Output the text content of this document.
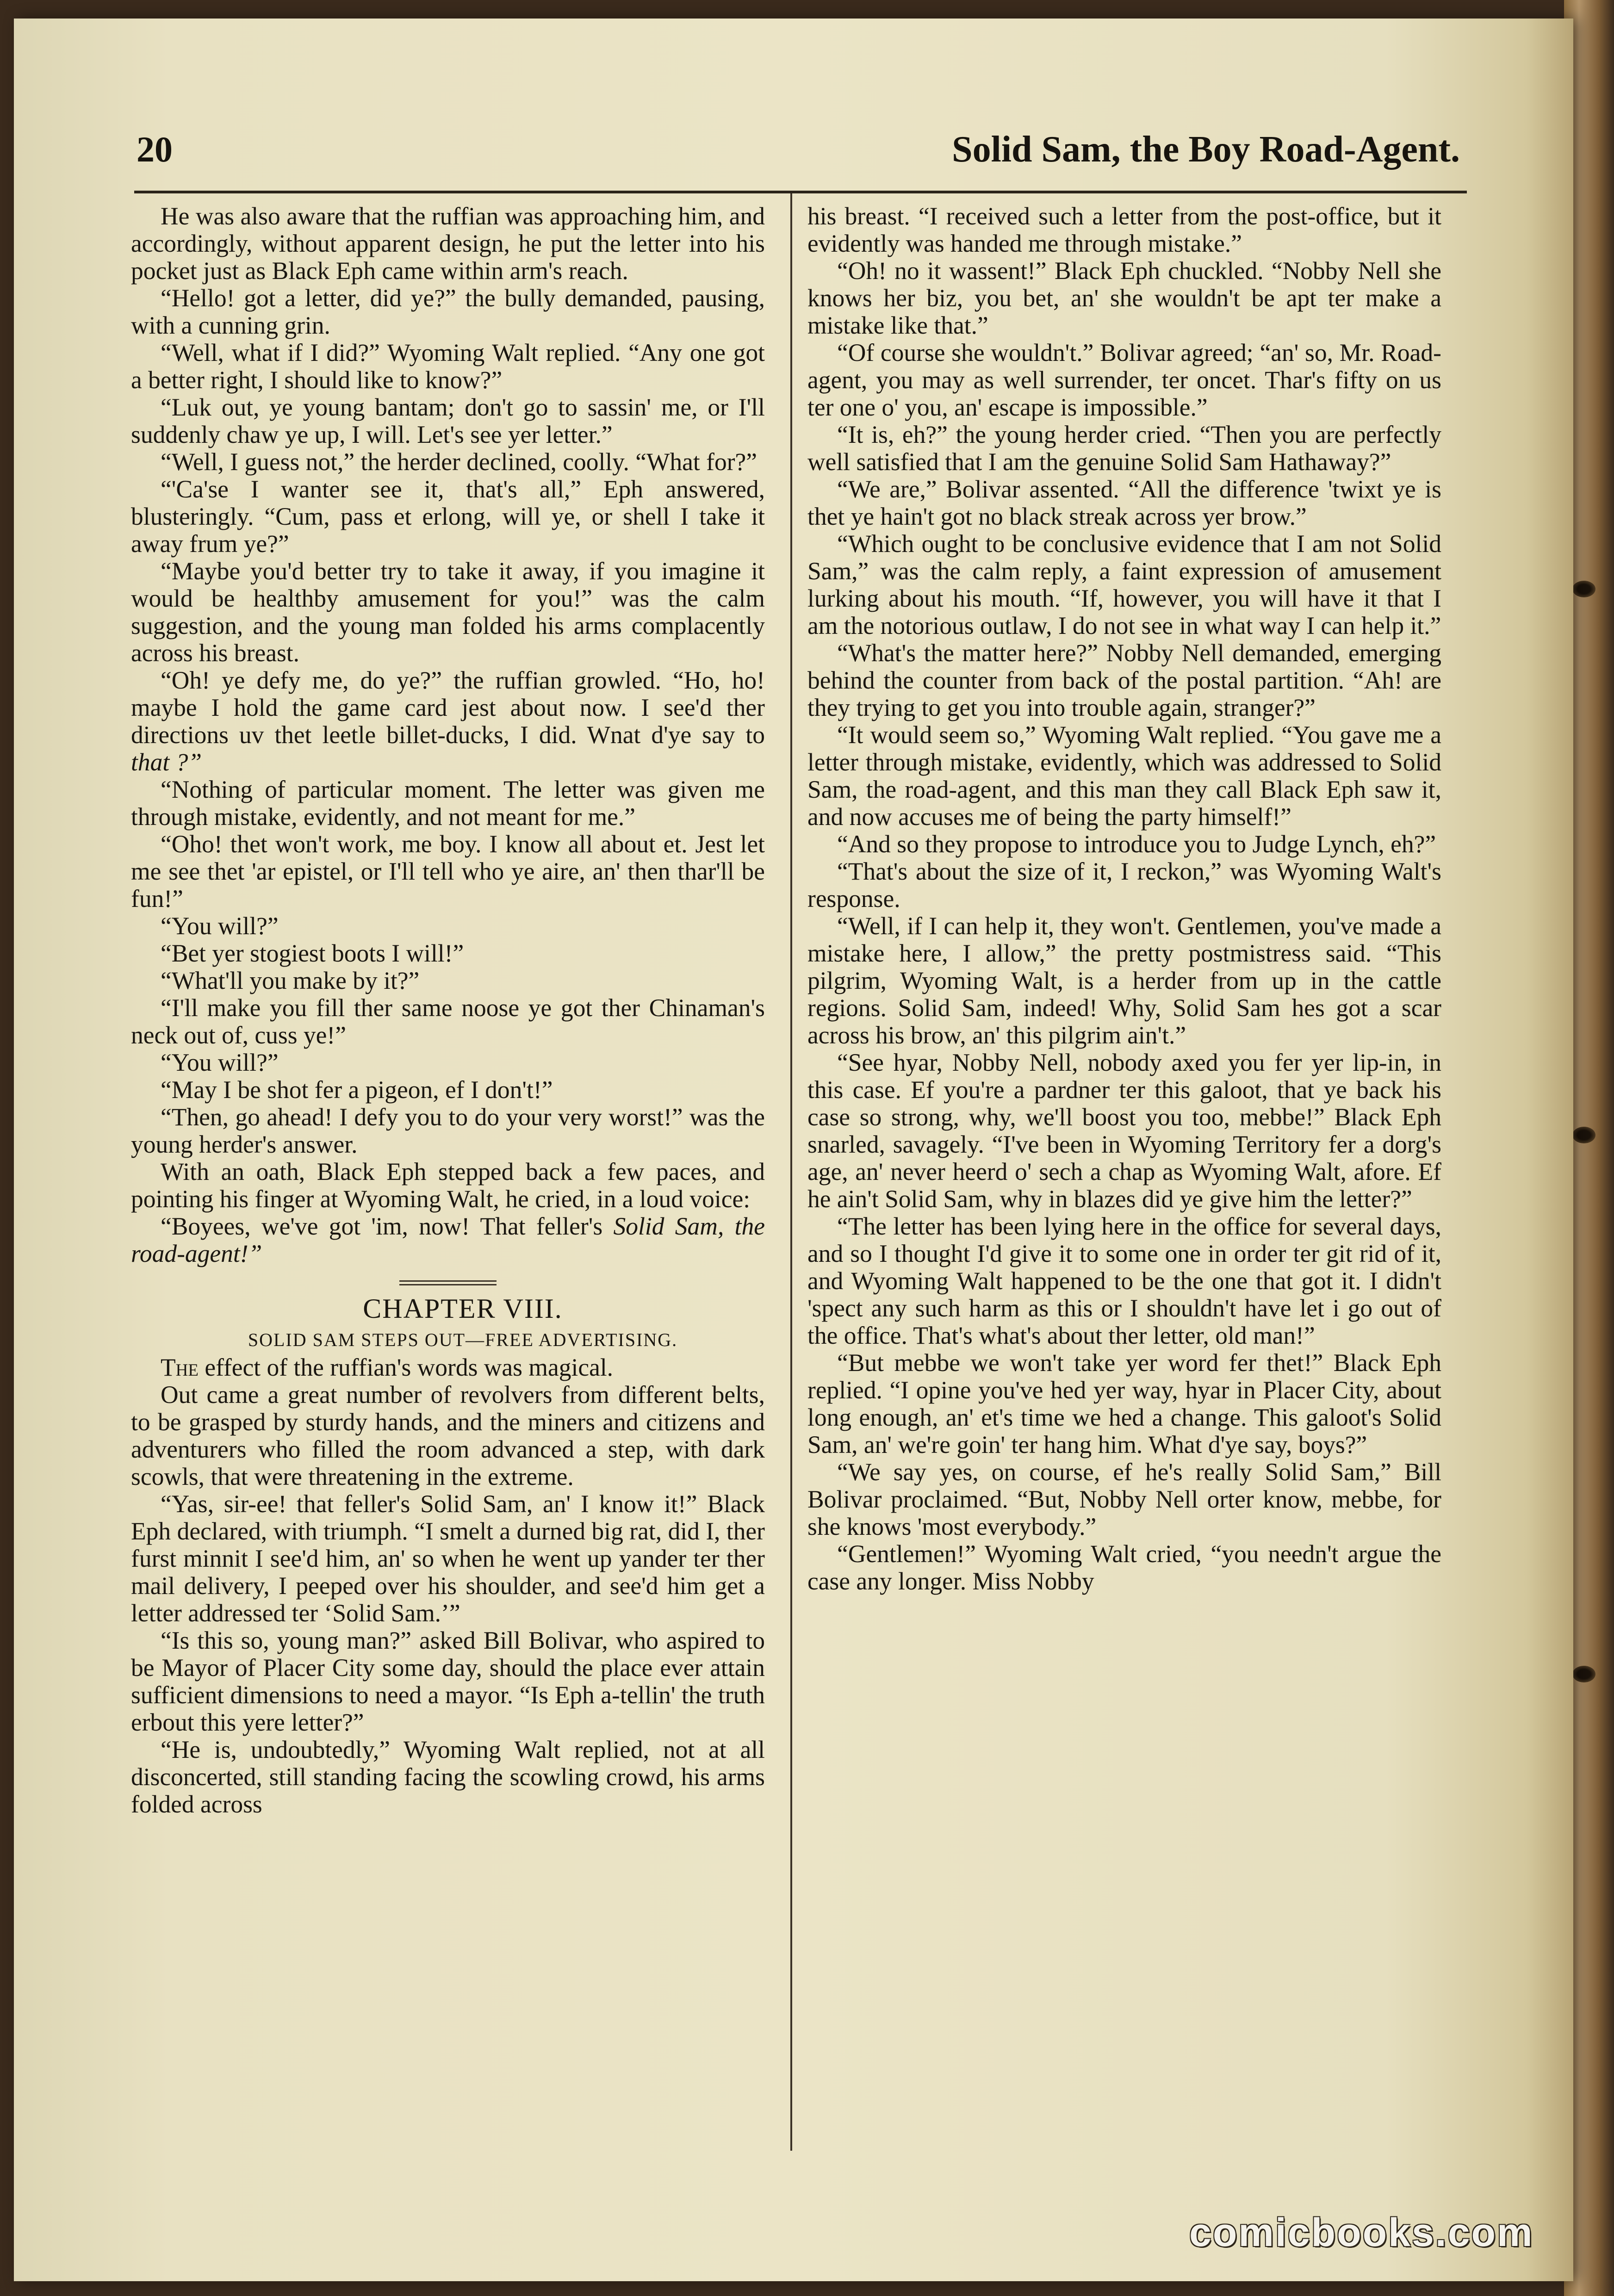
20	Solid Sam, the Boy Road-Agent.

He was also aware that the ruffian was approaching him, and accordingly, without apparent design, he put the letter into his pocket just as Black Eph came within arm's reach.

“Hello! got a letter, did ye?” the bully demanded, pausing, with a cunning grin.

“Well, what if I did?” Wyoming Walt replied. “Any one got a better right, I should like to know?”

“Luk out, ye young bantam; don't go to sassin' me, or I'll suddenly chaw ye up, I will. Let's see yer letter.”

“Well, I guess not,” the herder declined, coolly. “What for?”

“'Ca'se I wanter see it, that's all,” Eph answered, blusteringly. “Cum, pass et erlong, will ye, or shell I take it away frum ye?”

“Maybe you'd better try to take it away, if you imagine it would be healthby amusement for you!” was the calm suggestion, and the young man folded his arms complacently across his breast.

“Oh! ye defy me, do ye?” the ruffian growled. “Ho, ho! maybe I hold the game card jest about now. I see'd ther directions uv thet leetle billet-ducks, I did. Wnat d'ye say to that ?”

“Nothing of particular moment. The letter was given me through mistake, evidently, and not meant for me.”

“Oho! thet won't work, me boy. I know all about et. Jest let me see thet 'ar epistel, or I'll tell who ye aire, an' then thar'll be fun!”

“You will?”

“Bet yer stogiest boots I will!”

“What'll you make by it?”

“I'll make you fill ther same noose ye got ther Chinaman's neck out of, cuss ye!”

“You will?”

“May I be shot fer a pigeon, ef I don't!”

“Then, go ahead! I defy you to do your very worst!” was the young herder's answer.

With an oath, Black Eph stepped back a few paces, and pointing his finger at Wyoming Walt, he cried, in a loud voice:

“Boyees, we've got 'im, now! That feller's Solid Sam, the road-agent!”

CHAPTER VIII.

SOLID SAM STEPS OUT—FREE ADVERTISING.

The effect of the ruffian's words was magical.

Out came a great number of revolvers from different belts, to be grasped by sturdy hands, and the miners and citizens and adventurers who filled the room advanced a step, with dark scowls, that were threatening in the extreme.

“Yas, sir-ee! that feller's Solid Sam, an' I know it!” Black Eph declared, with triumph. “I smelt a durned big rat, did I, ther furst minnit I see'd him, an' so when he went up yander ter ther mail delivery, I peeped over his shoulder, and see'd him get a letter addressed ter ‘Solid Sam.’”

“Is this so, young man?” asked Bill Bolivar, who aspired to be Mayor of Placer City some day, should the place ever attain sufficient dimensions to need a mayor. “Is Eph a-tellin' the truth erbout this yere letter?”

“He is, undoubtedly,” Wyoming Walt replied, not at all disconcerted, still standing facing the scowling crowd, his arms folded across

his breast. “I received such a letter from the post-office, but it evidently was handed me through mistake.”

“Oh! no it wassent!” Black Eph chuckled. “Nobby Nell she knows her biz, you bet, an' she wouldn't be apt ter make a mistake like that.”

“Of course she wouldn't.” Bolivar agreed; “an' so, Mr. Road-agent, you may as well surrender, ter oncet. Thar's fifty on us ter one o' you, an' escape is impossible.”

“It is, eh?” the young herder cried. “Then you are perfectly well satisfied that I am the genuine Solid Sam Hathaway?”

“We are,” Bolivar assented. “All the difference 'twixt ye is thet ye hain't got no black streak across yer brow.”

“Which ought to be conclusive evidence that I am not Solid Sam,” was the calm reply, a faint expression of amusement lurking about his mouth. “If, however, you will have it that I am the notorious outlaw, I do not see in what way I can help it.”

“What's the matter here?” Nobby Nell demanded, emerging behind the counter from back of the postal partition. “Ah! are they trying to get you into trouble again, stranger?”

“It would seem so,” Wyoming Walt replied. “You gave me a letter through mistake, evidently, which was addressed to Solid Sam, the road-agent, and this man they call Black Eph saw it, and now accuses me of being the party himself!”

“And so they propose to introduce you to Judge Lynch, eh?”

“That's about the size of it, I reckon,” was Wyoming Walt's response.

“Well, if I can help it, they won't. Gentlemen, you've made a mistake here, I allow,” the pretty postmistress said. “This pilgrim, Wyoming Walt, is a herder from up in the cattle regions. Solid Sam, indeed! Why, Solid Sam hes got a scar across his brow, an' this pilgrim ain't.”

“See hyar, Nobby Nell, nobody axed you fer yer lip-in, in this case. Ef you're a pardner ter this galoot, that ye back his case so strong, why, we'll boost you too, mebbe!” Black Eph snarled, savagely. “I've been in Wyoming Territory fer a dorg's age, an' never heerd o' sech a chap as Wyoming Walt, afore. Ef he ain't Solid Sam, why in blazes did ye give him the letter?”

“The letter has been lying here in the office for several days, and so I thought I'd give it to some one in order ter git rid of it, and Wyoming Walt happened to be the one that got it. I didn't 'spect any such harm as this or I shouldn't have let i go out of the office. That's what's about ther letter, old man!”

“But mebbe we won't take yer word fer thet!” Black Eph replied. “I opine you've hed yer way, hyar in Placer City, about long enough, an' et's time we hed a change. This galoot's Solid Sam, an' we're goin' ter hang him. What d'ye say, boys?”

“We say yes, on course, ef he's really Solid Sam,” Bill Bolivar proclaimed. “But, Nobby Nell orter know, mebbe, for she knows 'most everybody.”

“Gentlemen!” Wyoming Walt cried, “you needn't argue the case any longer. Miss Nobby

comicbooks.com
